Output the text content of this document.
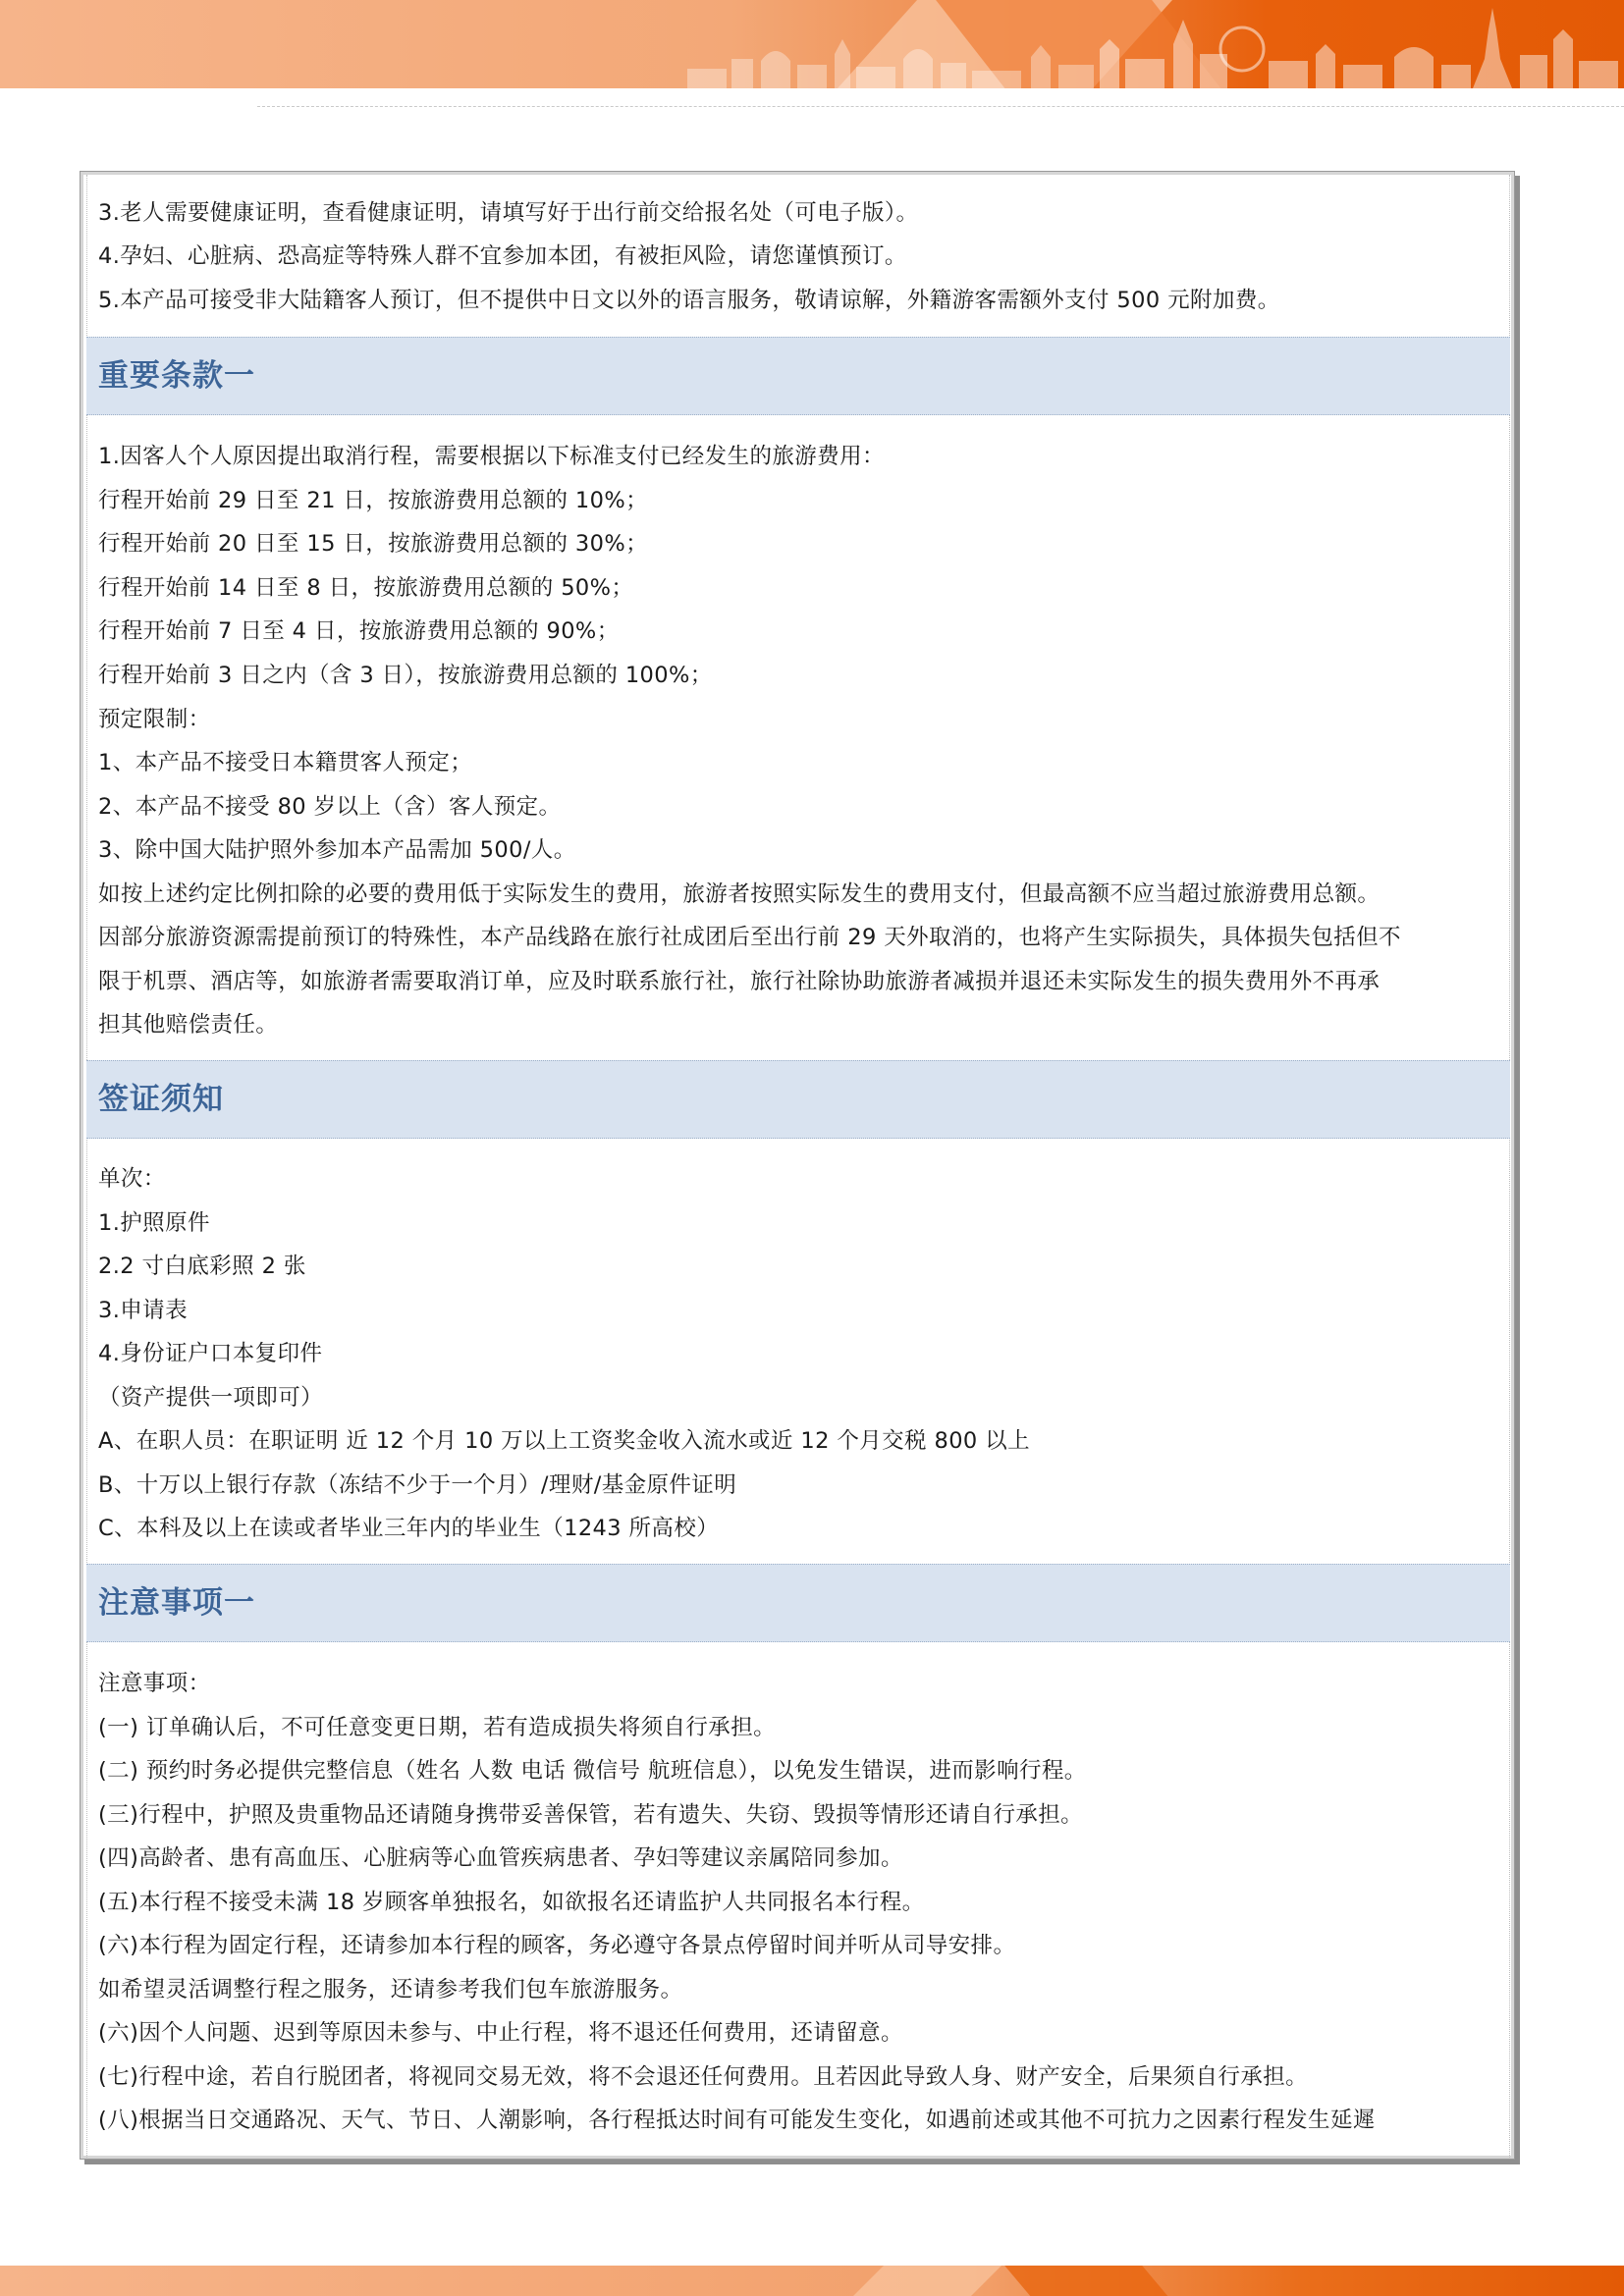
3.老人需要健康证明，查看健康证明，请填写好于出行前交给报名处（可电子版）。
4.孕妇、心脏病、恐高症等特殊人群不宜参加本团，有被拒风险，请您谨慎预订。
5.本产品可接受非大陆籍客人预订，但不提供中日文以外的语言服务，敬请谅解，外籍游客需额外支付 500 元附加费。
重要条款一
1.因客人个人原因提出取消行程，需要根据以下标准支付已经发生的旅游费用：
行程开始前 29 日至 21 日，按旅游费用总额的 10%；
行程开始前 20 日至 15 日，按旅游费用总额的 30%；
行程开始前 14 日至 8 日，按旅游费用总额的 50%；
行程开始前 7 日至 4 日，按旅游费用总额的 90%；
行程开始前 3 日之内（含 3 日），按旅游费用总额的 100%；
预定限制：
1、本产品不接受日本籍贯客人预定；
2、本产品不接受 80 岁以上（含）客人预定。
3、除中国大陆护照外参加本产品需加 500/人。
如按上述约定比例扣除的必要的费用低于实际发生的费用，旅游者按照实际发生的费用支付，但最高额不应当超过旅游费用总额。
因部分旅游资源需提前预订的特殊性，本产品线路在旅行社成团后至出行前 29 天外取消的，也将产生实际损失，具体损失包括但不
限于机票、酒店等，如旅游者需要取消订单，应及时联系旅行社，旅行社除协助旅游者减损并退还未实际发生的损失费用外不再承
担其他赔偿责任。
签证须知
单次：
1.护照原件
2.2 寸白底彩照 2 张
3.申请表
4.身份证户口本复印件
（资产提供一项即可）
A、在职人员：在职证明 近 12 个月 10 万以上工资奖金收入流水或近 12 个月交税 800 以上
B、十万以上银行存款（冻结不少于一个月）/理财/基金原件证明
C、本科及以上在读或者毕业三年内的毕业生（1243 所高校）
注意事项一
注意事项：
(一) 订单确认后，不可任意变更日期，若有造成损失将须自行承担。
(二) 预约时务必提供完整信息（姓名 人数 电话 微信号 航班信息），以免发生错误，进而影响行程。
(三)行程中，护照及贵重物品还请随身携带妥善保管，若有遗失、失窃、毁损等情形还请自行承担。
(四)高龄者、患有高血压、心脏病等心血管疾病患者、孕妇等建议亲属陪同参加。
(五)本行程不接受未满 18 岁顾客单独报名，如欲报名还请监护人共同报名本行程。
(六)本行程为固定行程，还请参加本行程的顾客，务必遵守各景点停留时间并听从司导安排。
如希望灵活调整行程之服务，还请参考我们包车旅游服务。
(六)因个人问题、迟到等原因未参与、中止行程，将不退还任何费用，还请留意。
(七)行程中途，若自行脱团者，将视同交易无效，将不会退还任何费用。且若因此导致人身、财产安全，后果须自行承担。
(八)根据当日交通路况、天气、节日、人潮影响，各行程抵达时间有可能发生变化，如遇前述或其他不可抗力之因素行程发生延遲
